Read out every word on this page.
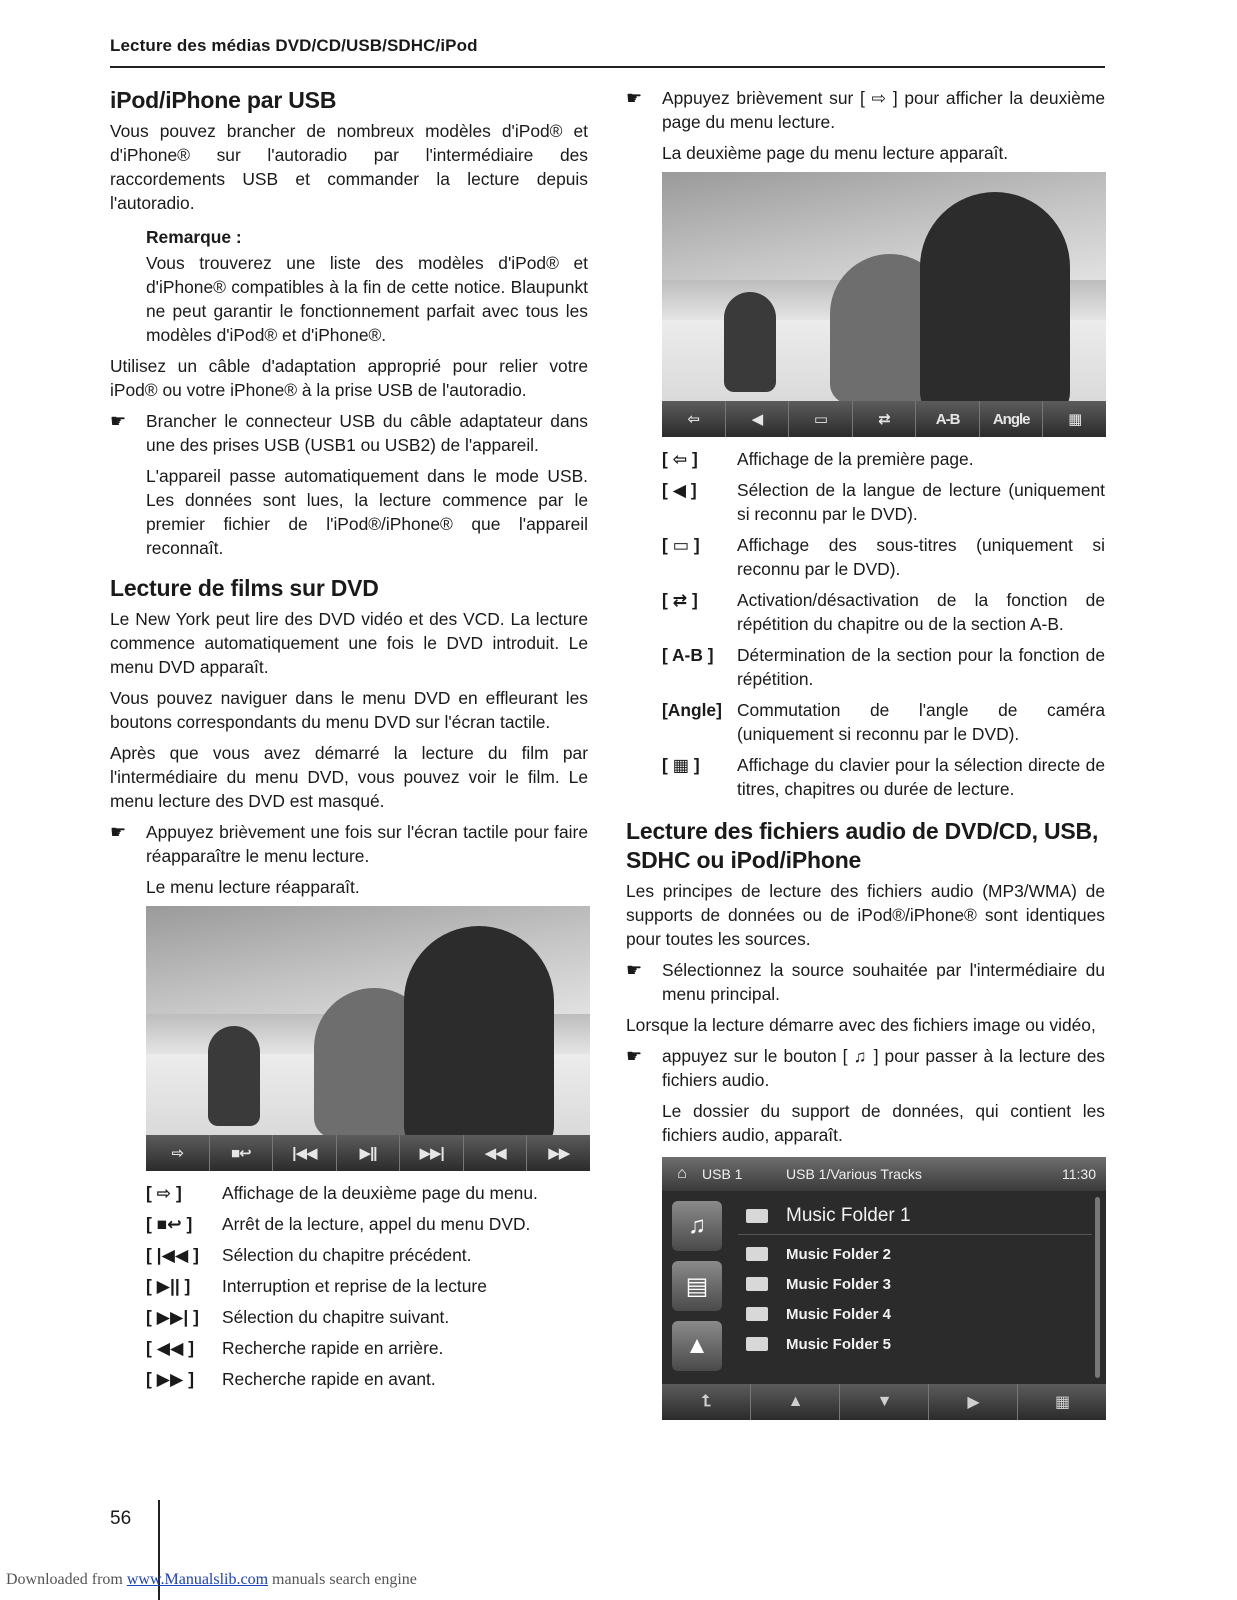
Lecture des médias DVD/CD/USB/SDHC/iPod
iPod/iPhone par USB

Vous pouvez brancher de nombreux modèles d'iPod® et d'iPhone® sur l'autoradio par l'intermédiaire des raccordements USB et commander la lecture depuis l'autoradio.

Remarque :

Vous trouverez une liste des modèles d'iPod® et d'iPhone® compatibles à la fin de cette notice. Blaupunkt ne peut garantir le fonctionnement parfait avec tous les modèles d'iPod® et d'iPhone®.

Utilisez un câble d'adaptation approprié pour relier votre iPod® ou votre iPhone® à la prise USB de l'autoradio.

☛ Brancher le connecteur USB du câble adaptateur dans une des prises USB (USB1 ou USB2) de l'appareil.

L'appareil passe automatiquement dans le mode USB. Les données sont lues, la lecture commence par le premier fichier de l'iPod®/iPhone® que l'appareil reconnaît.

Lecture de films sur DVD

Le New York peut lire des DVD vidéo et des VCD. La lecture commence automatiquement une fois le DVD introduit. Le menu DVD apparaît.

Vous pouvez naviguer dans le menu DVD en effleurant les boutons correspondants du menu DVD sur l'écran tactile.

Après que vous avez démarré la lecture du film par l'intermédiaire du menu DVD, vous pouvez voir le film. Le menu lecture des DVD est masqué.

☛ Appuyez brièvement une fois sur l'écran tactile pour faire réapparaître le menu lecture.

Le menu lecture réapparaît.

⇨	■↩	|◀◀	▶||	▶▶|	◀◀	▶▶
[ ⇨ ]	Affichage de la deuxième page du menu.
[ ■↩ ]	Arrêt de la lecture, appel du menu DVD.
[ |◀◀ ]	Sélection du chapitre précédent.
[ ▶|| ]	Interruption et reprise de la lecture
[ ▶▶| ]	Sélection du chapitre suivant.
[ ◀◀ ]	Recherche rapide en arrière.
[ ▶▶ ]	Recherche rapide en avant.
☛ Appuyez brièvement sur [ ⇨ ] pour afficher la deuxième page du menu lecture.

La deuxième page du menu lecture apparaît.

⇦	◀	▭	⇄	A-B	Angle	▦
[ ⇦ ]	Affichage de la première page.
[ ◀ ]	Sélection de la langue de lecture (uniquement si reconnu par le DVD).
[ ▭ ]	Affichage des sous-titres (uniquement si reconnu par le DVD).
[ ⇄ ]	Activation/désactivation de la fonction de répétition du chapitre ou de la section A-B.
[ A-B ]	Détermination de la section pour la fonction de répétition.
[Angle] Commutation de l'angle de caméra (uniquement si reconnu par le DVD).
[ ▦ ]	Affichage du clavier pour la sélection directe de titres, chapitres ou durée de lecture.
Lecture des fichiers audio de DVD/CD, USB, SDHC ou iPod/iPhone

Les principes de lecture des fichiers audio (MP3/WMA) de supports de données ou de iPod®/iPhone® sont identiques pour toutes les sources.

☛ Sélectionnez la source souhaitée par l'intermédiaire du menu principal.

Lorsque la lecture démarre avec des fichiers image ou vidéo,

☛ appuyez sur le bouton [ ♫ ] pour passer à la lecture des fichiers audio.

Le dossier du support de données, qui contient les fichiers audio, apparaît.

⌂	USB 1	USB 1/Various Tracks	11:30
♫
▤
▲
Music Folder 1
Music Folder 2
Music Folder 3
Music Folder 4
Music Folder 5
⮤	▲	▼	▶	▦
56
Downloaded from www.Manualslib.com manuals search engine
